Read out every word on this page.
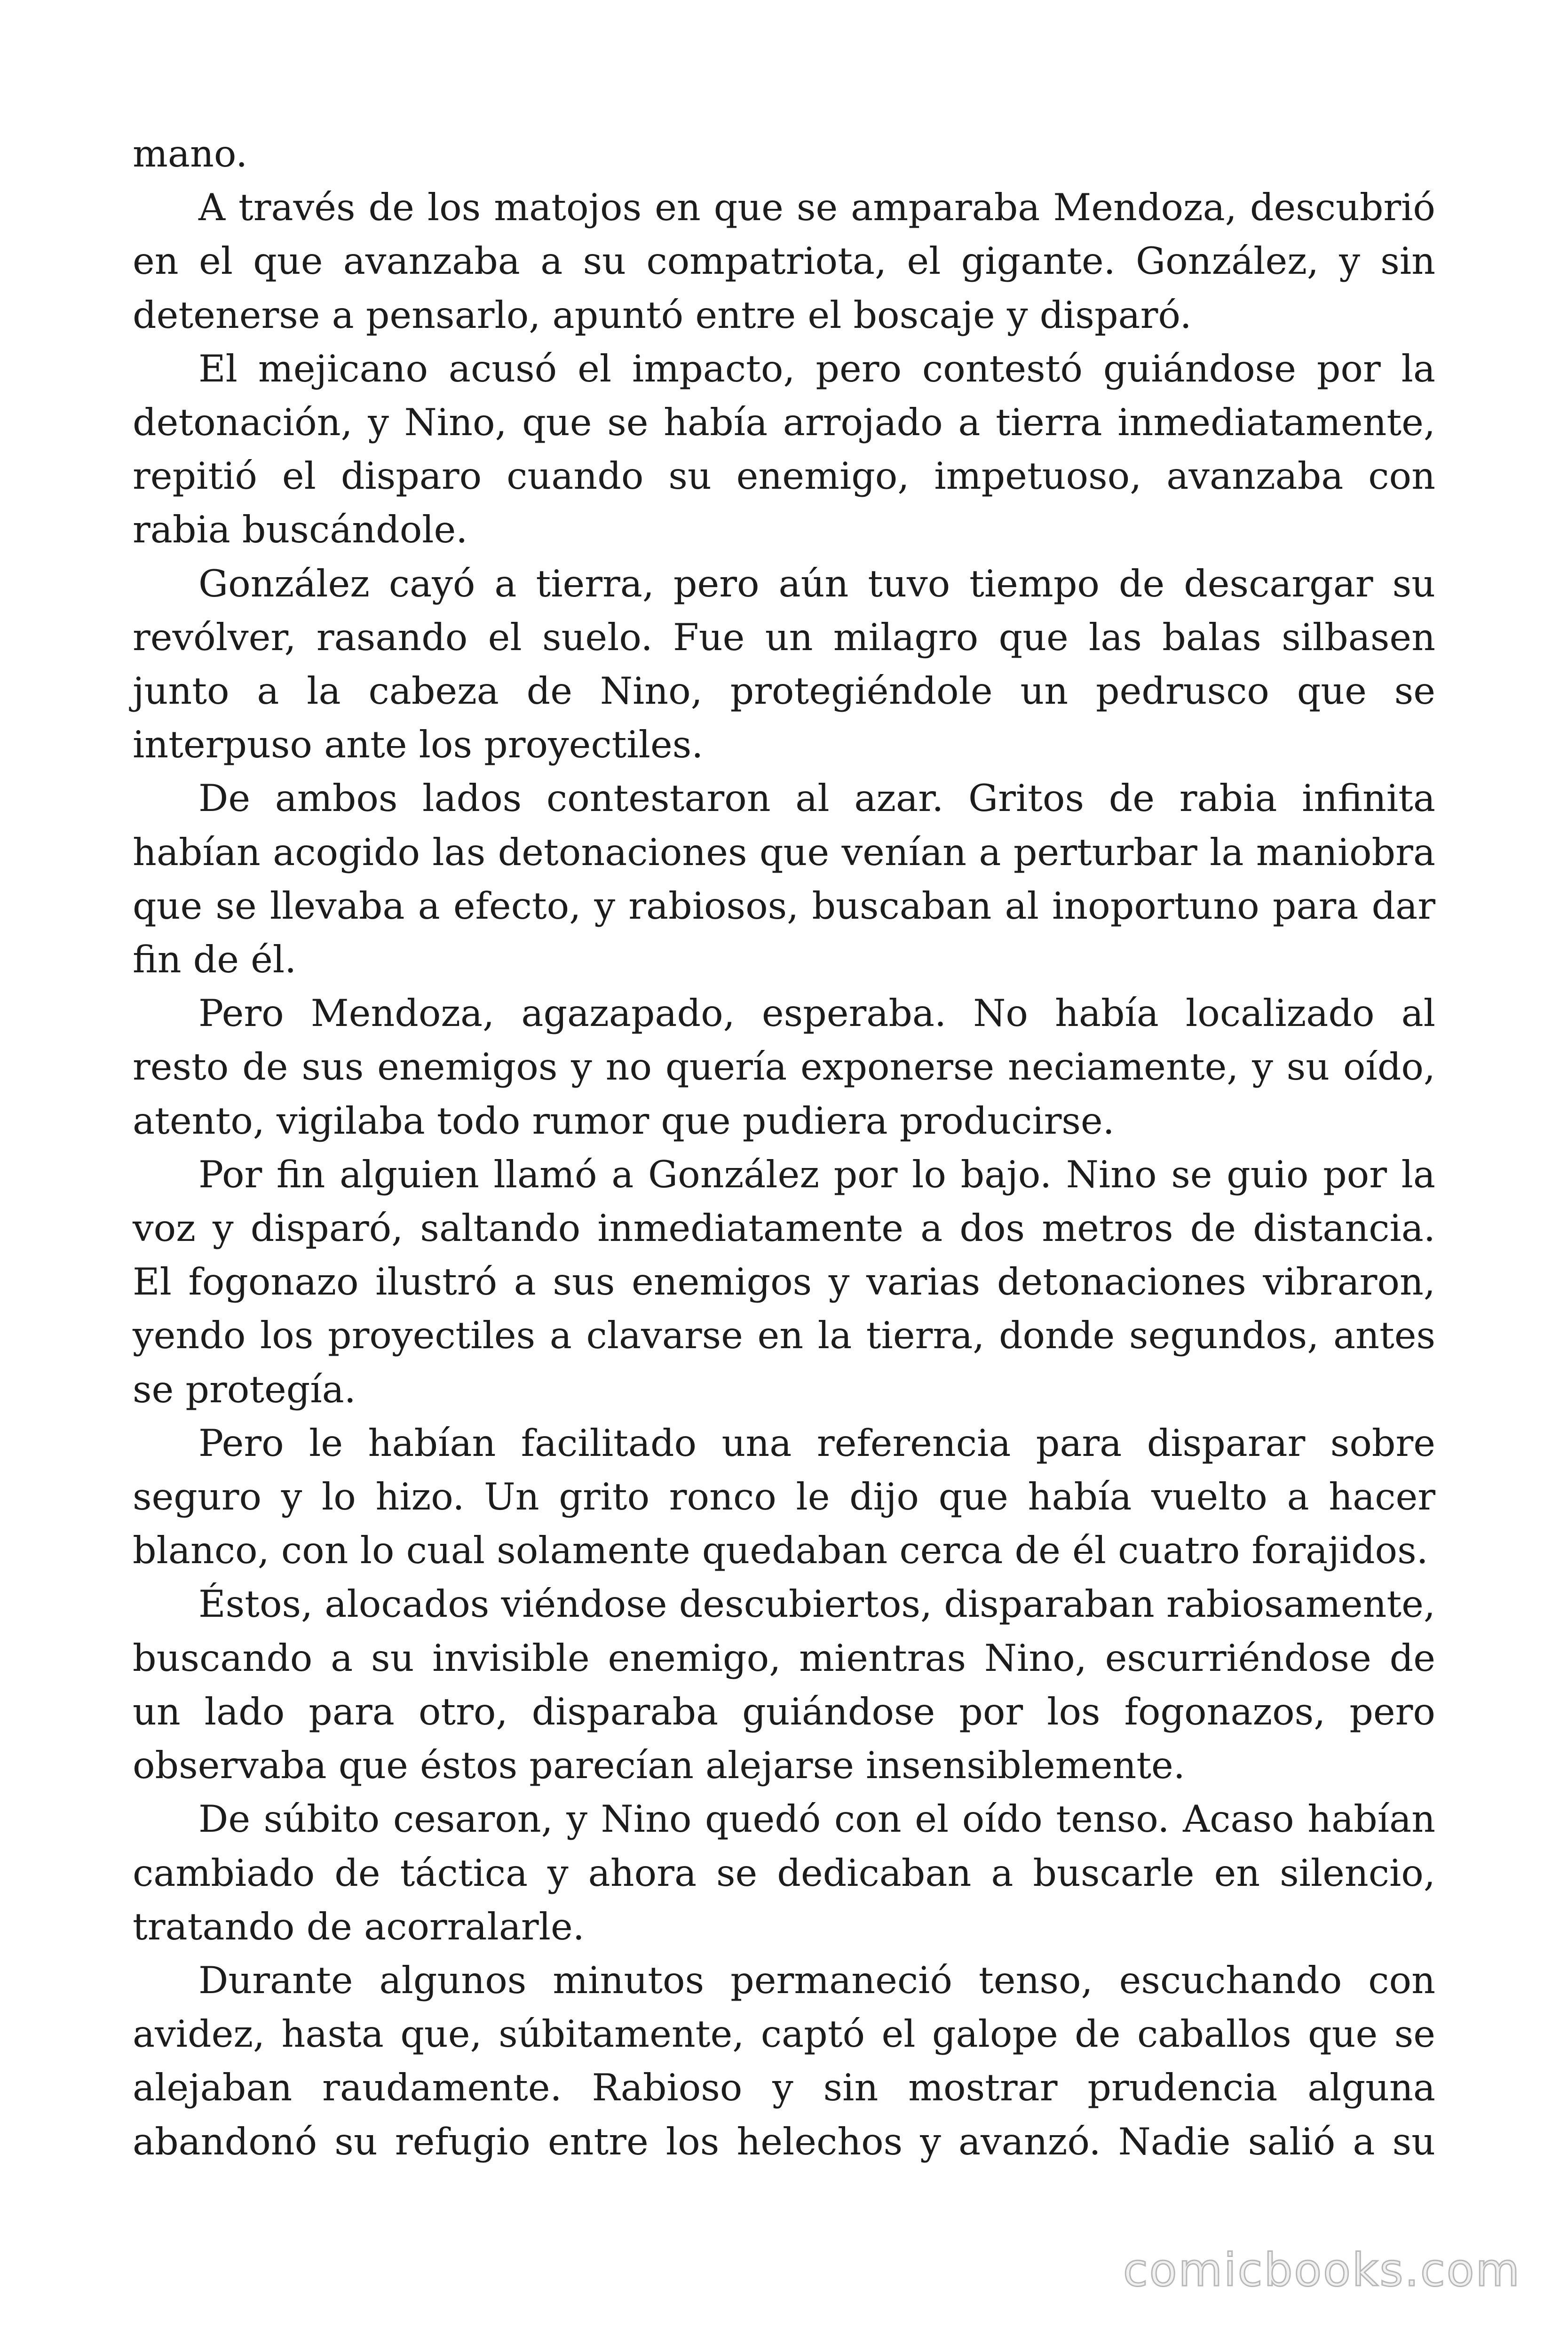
mano.

A través de los matojos en que se amparaba Mendoza, descubrió en el que avanzaba a su compatriota, el gigante. González, y sin detenerse a pensarlo, apuntó entre el boscaje y disparó.

El mejicano acusó el impacto, pero contestó guiándose por la detonación, y Nino, que se había arrojado a tierra inmediatamente, repitió el disparo cuando su enemigo, impetuoso, avanzaba con rabia buscándole.

González cayó a tierra, pero aún tuvo tiempo de descargar su revólver, rasando el suelo. Fue un milagro que las balas silbasen junto a la cabeza de Nino, protegiéndole un pedrusco que se interpuso ante los proyectiles.

De ambos lados contestaron al azar. Gritos de rabia infinita habían acogido las detonaciones que venían a perturbar la maniobra que se llevaba a efecto, y rabiosos, buscaban al inoportuno para dar fin de él.

Pero Mendoza, agazapado, esperaba. No había localizado al resto de sus enemigos y no quería exponerse neciamente, y su oído, atento, vigilaba todo rumor que pudiera producirse.

Por fin alguien llamó a González por lo bajo. Nino se guio por la voz y disparó, saltando inmediatamente a dos metros de distancia. El fogonazo ilustró a sus enemigos y varias detonaciones vibraron, yendo los proyectiles a clavarse en la tierra, donde segundos, antes se protegía.

Pero le habían facilitado una referencia para disparar sobre seguro y lo hizo. Un grito ronco le dijo que había vuelto a hacer blanco, con lo cual solamente quedaban cerca de él cuatro forajidos.

Éstos, alocados viéndose descubiertos, disparaban rabiosamente, buscando a su invisible enemigo, mientras Nino, escurriéndose de un lado para otro, disparaba guiándose por los fogonazos, pero observaba que éstos parecían alejarse insensiblemente.

De súbito cesaron, y Nino quedó con el oído tenso. Acaso habían cambiado de táctica y ahora se dedicaban a buscarle en silencio, tratando de acorralarle.

Durante algunos minutos permaneció tenso, escuchando con avidez, hasta que, súbitamente, captó el galope de caballos que se alejaban raudamente. Rabioso y sin mostrar prudencia alguna abandonó su refugio entre los helechos y avanzó. Nadie salió a su

comicbooks.com
